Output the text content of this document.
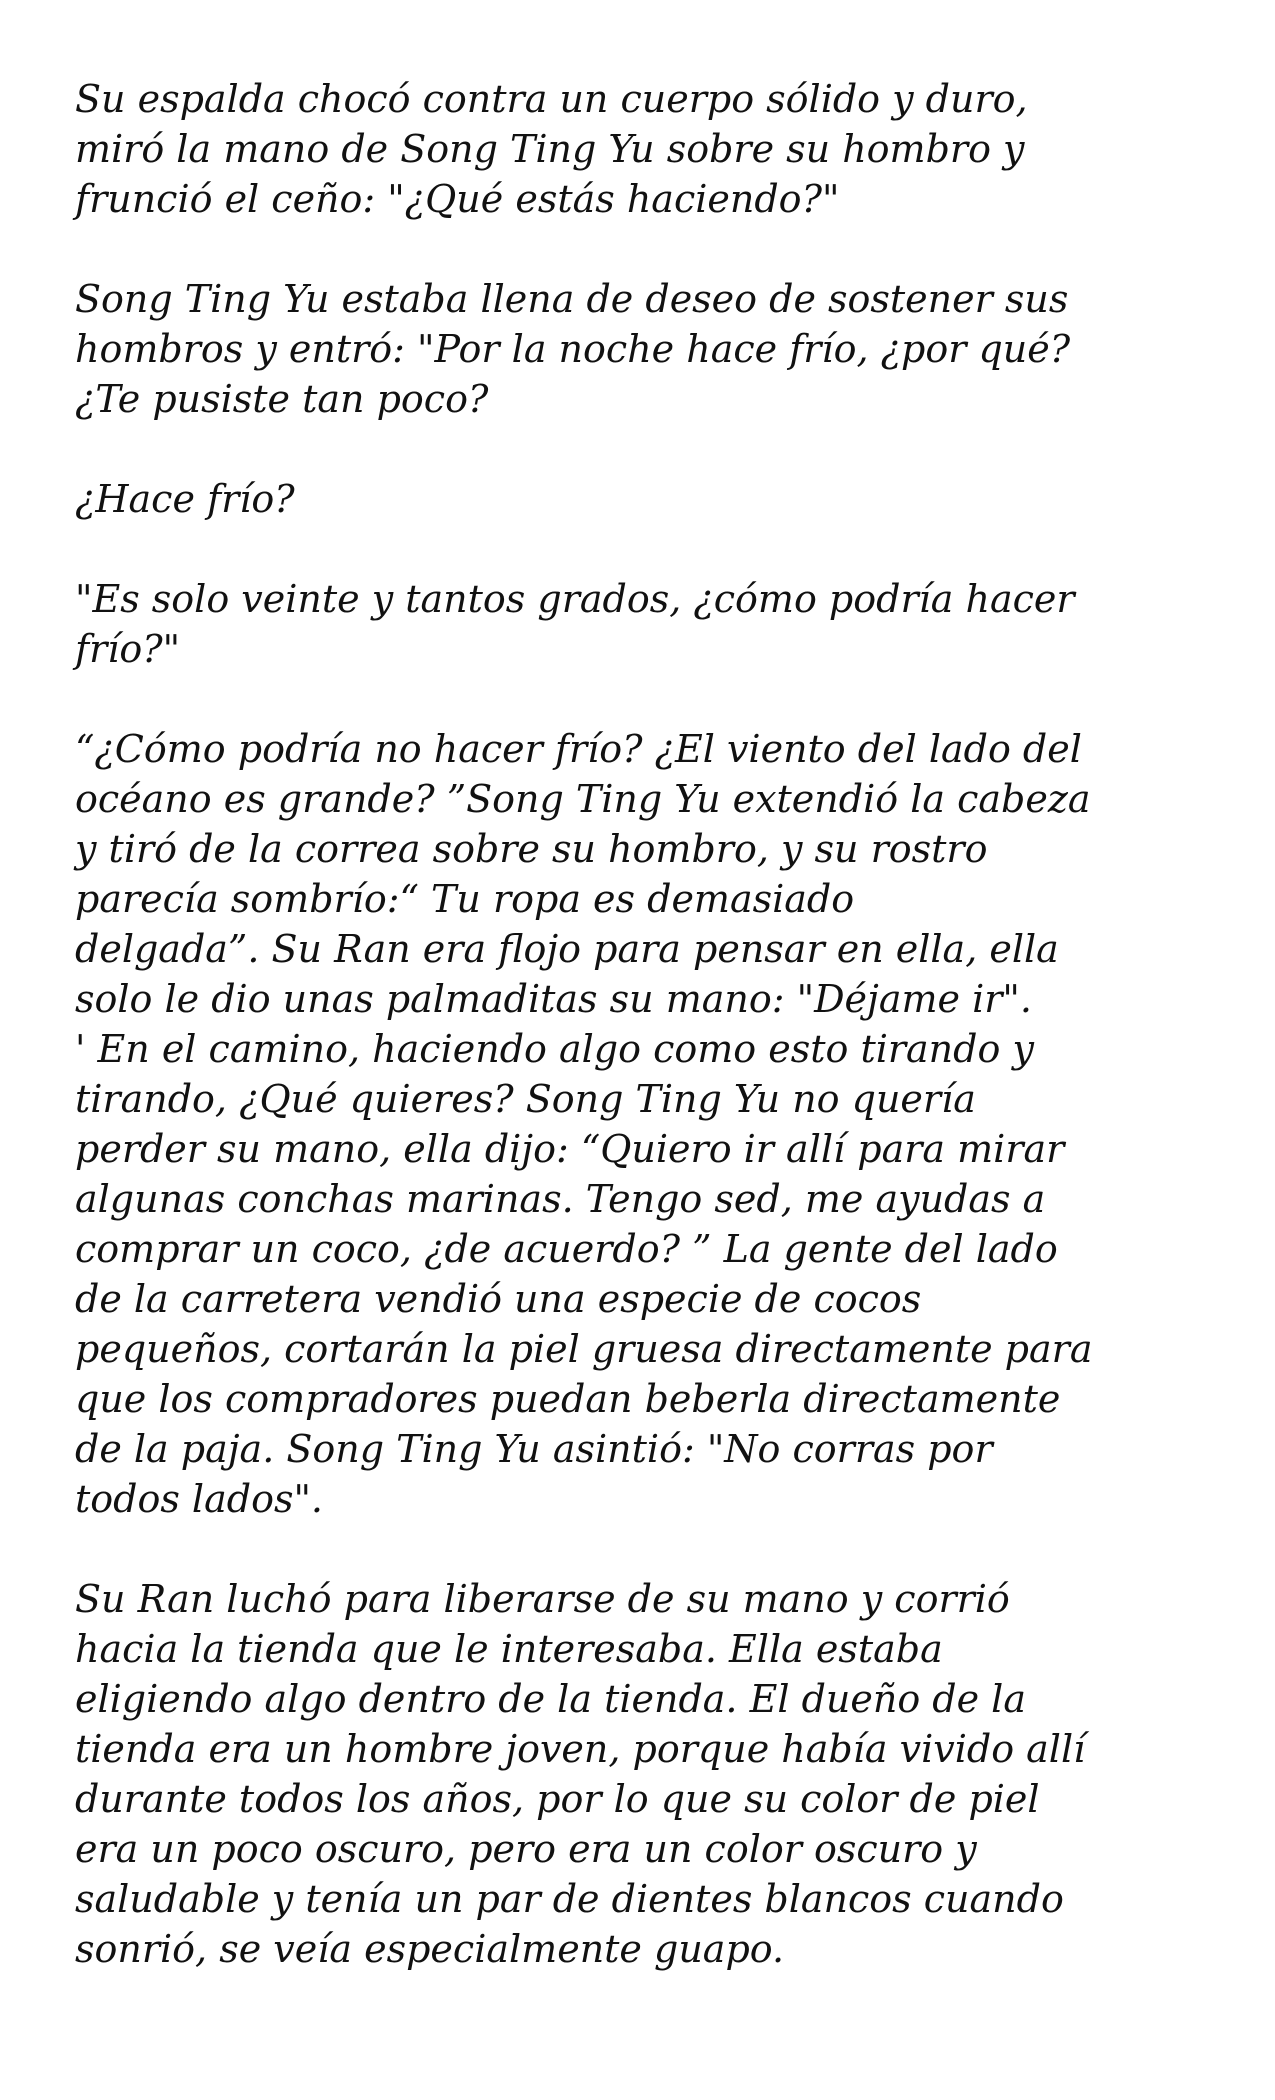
Su espalda chocó contra un cuerpo sólido y duro,
miró la mano de Song Ting Yu sobre su hombro y
frunció el ceño: "¿Qué estás haciendo?"

Song Ting Yu estaba llena de deseo de sostener sus
hombros y entró: "Por la noche hace frío, ¿por qué?
¿Te pusiste tan poco?

¿Hace frío?

"Es solo veinte y tantos grados, ¿cómo podría hacer
frío?"

“¿Cómo podría no hacer frío? ¿El viento del lado del
océano es grande? ”Song Ting Yu extendió la cabeza
y tiró de la correa sobre su hombro, y su rostro
parecía sombrío:“ Tu ropa es demasiado
delgada”. Su Ran era flojo para pensar en ella, ella
solo le dio unas palmaditas su mano: "Déjame ir".
' En el camino, haciendo algo como esto tirando y
tirando, ¿Qué quieres? Song Ting Yu no quería
perder su mano, ella dijo: “Quiero ir allí para mirar
algunas conchas marinas. Tengo sed, me ayudas a
comprar un coco, ¿de acuerdo? ” La gente del lado
de la carretera vendió una especie de cocos
pequeños, cortarán la piel gruesa directamente para
que los compradores puedan beberla directamente
de la paja. Song Ting Yu asintió: "No corras por
todos lados".

Su Ran luchó para liberarse de su mano y corrió
hacia la tienda que le interesaba. Ella estaba
eligiendo algo dentro de la tienda. El dueño de la
tienda era un hombre joven, porque había vivido allí
durante todos los años, por lo que su color de piel
era un poco oscuro, pero era un color oscuro y
saludable y tenía un par de dientes blancos cuando
sonrió, se veía especialmente guapo.
